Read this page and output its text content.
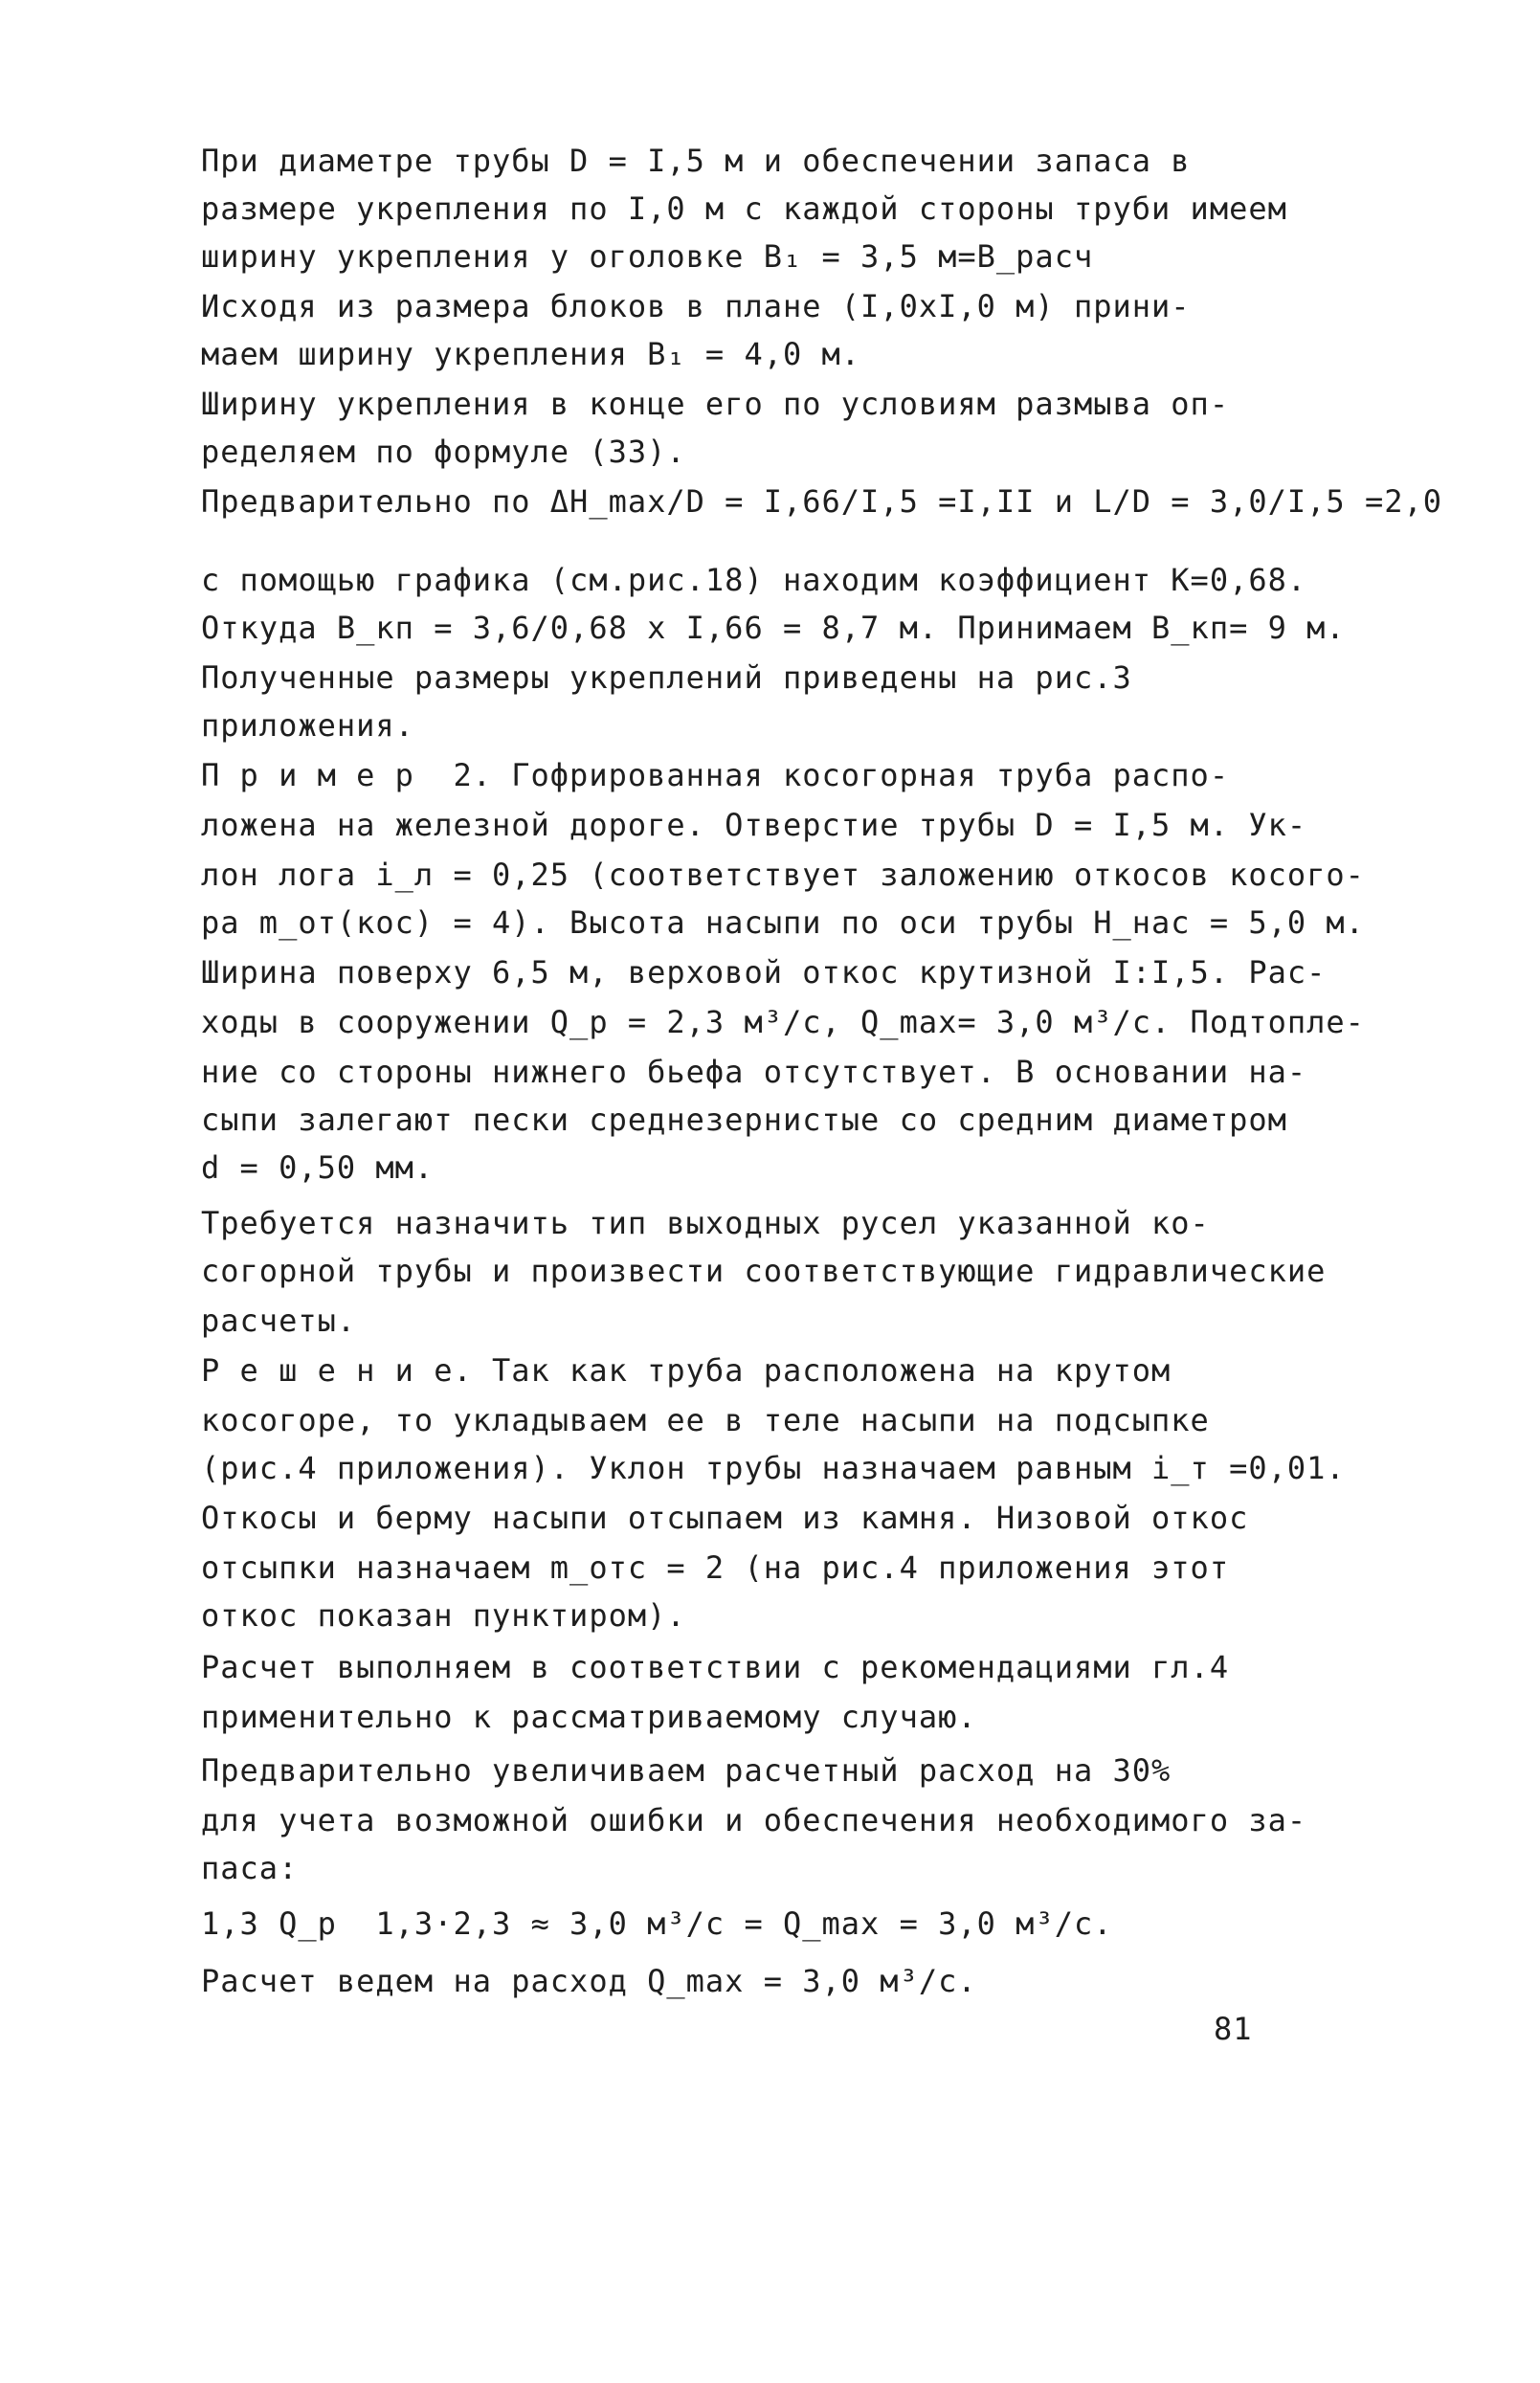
При диаметре трубы D = I,5 м и обеспечении запаса в

размере укрепления по I,0 м с каждой стороны труби имеем

ширину укрепления у оголовке B₁ = 3,5 м=B_расч

Исходя из размера блоков в плане (I,0xI,0 м) прини-

маем ширину укрепления B₁ = 4,0 м.

Ширину укрепления в конце его по условиям размыва оп-

ределяем по формуле (33).

Предварительно по ΔH_max/D = I,66/I,5 =I,II и L/D = 3,0/I,5 =2,0

с помощью графика (см.рис.18) находим коэффициент K=0,68.

Откуда B_кп = 3,6/0,68 x I,66 = 8,7 м. Принимаем B_кп= 9 м.

Полученные размеры укреплений приведены на рис.3

приложения.

П р и м е р  2. Гофрированная косогорная труба распо-

ложена на железной дороге. Отверстие трубы D = I,5 м. Ук-

лон лога i_л = 0,25 (соответствует заложению откосов косого-

ра m_от(кос) = 4). Высота насыпи по оси трубы H_нас = 5,0 м.

Ширина поверху 6,5 м, верховой откос крутизной I:I,5. Рас-

ходы в сооружении Q_р = 2,3 м³/с, Q_max= 3,0 м³/с. Подтопле-

ние со стороны нижнего бьефа отсутствует. В основании на-

сыпи залегают пески среднезернистые со средним диаметром

d = 0,50 мм.

Требуется назначить тип выходных русел указанной ко-

согорной трубы и произвести соответствующие гидравлические

расчеты.

Р е ш е н и е. Так как труба расположена на крутом

косогоре, то укладываем ее в теле насыпи на подсыпке

(рис.4 приложения). Уклон трубы назначаем равным i_т =0,01.

Откосы и берму насыпи отсыпаем из камня. Низовой откос

отсыпки назначаем m_отс = 2 (на рис.4 приложения этот

откос показан пунктиром).

Расчет выполняем в соответствии с рекомендациями гл.4

применительно к рассматриваемому случаю.

Предварительно увеличиваем расчетный расход на 30%

для учета возможной ошибки и обеспечения необходимого за-

паса:

1,3 Q_р  1,3·2,3 ≈ 3,0 м³/с = Q_max = 3,0 м³/с.

Расчет ведем на расход Q_max = 3,0 м³/с.

81
